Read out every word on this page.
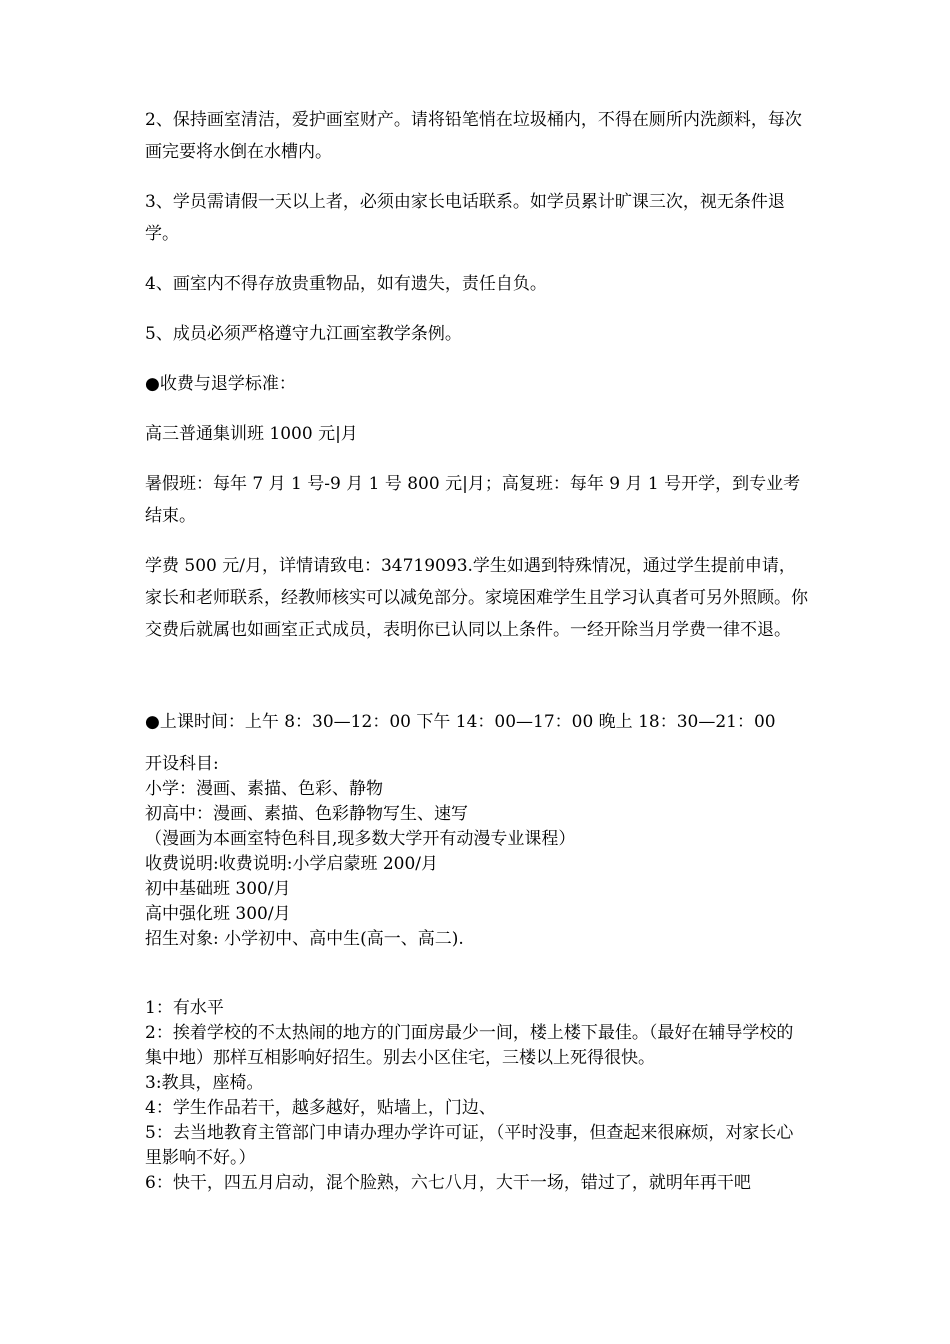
2、保持画室清洁，爱护画室财产。请将铅笔悄在垃圾桶内，不得在厕所内洗颜料，每次画完要将水倒在水槽内。

3、学员需请假一天以上者，必须由家长电话联系。如学员累计旷课三次，视无条件退学。

4、画室内不得存放贵重物品，如有遗失，责任自负。

5、成员必须严格遵守九江画室教学条例。

●收费与退学标准：

高三普通集训班 1000 元|月

暑假班：每年 7 月 1 号-9 月 1 号 800 元|月；高复班：每年 9 月 1 号开学，到专业考结束。

学费 500 元/月，详情请致电：34719093.学生如遇到特殊情况，通过学生提前申请，家长和老师联系，经教师核实可以减免部分。家境困难学生且学习认真者可另外照顾。你交费后就属也如画室正式成员，表明你已认同以上条件。一经开除当月学费一律不退。

●上课时间：上午 8：30—12：00 下午 14：00—17：00 晚上 18：30—21：00

开设科目:

小学：漫画、素描、色彩、静物

初高中：漫画、素描、色彩静物写生、速写

（漫画为本画室特色科目,现多数大学开有动漫专业课程）

收费说明:收费说明:小学启蒙班 200/月

初中基础班 300/月

高中强化班 300/月

招生对象: 小学初中、高中生(高一、高二).

1：有水平

2：挨着学校的不太热闹的地方的门面房最少一间，楼上楼下最佳。（最好在辅导学校的集中地）那样互相影响好招生。别去小区住宅，三楼以上死得很快。

3:教具，座椅。

4：学生作品若干，越多越好，贴墙上，门边、

5：去当地教育主管部门申请办理办学许可证，（平时没事，但查起来很麻烦，对家长心里影响不好。）

6：快干，四五月启动，混个脸熟，六七八月，大干一场，错过了，就明年再干吧
